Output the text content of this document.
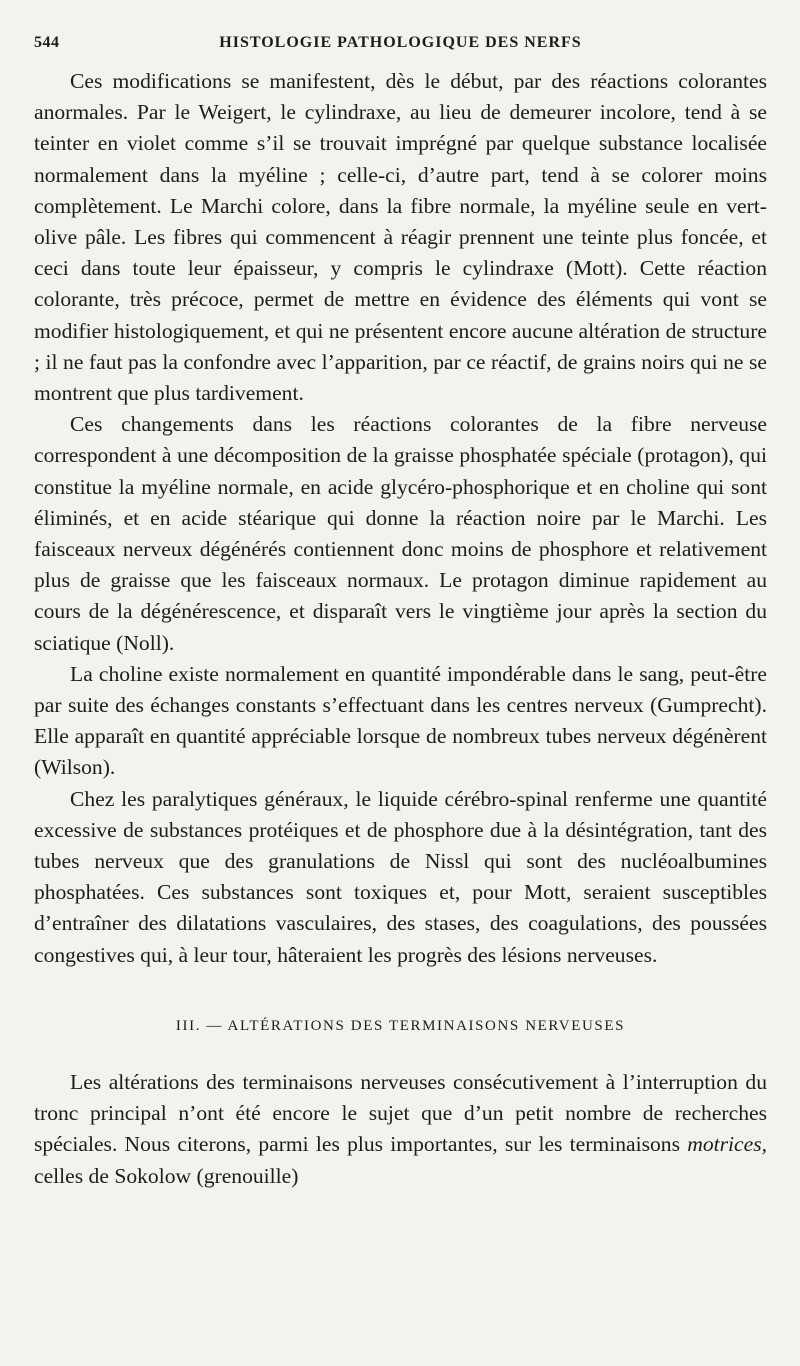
544	HISTOLOGIE PATHOLOGIQUE DES NERFS

Ces modifications se manifestent, dès le début, par des réactions colorantes anormales. Par le Weigert, le cylindraxe, au lieu de demeurer incolore, tend à se teinter en violet comme s’il se trouvait imprégné par quelque substance localisée normalement dans la myéline ; celle-ci, d’autre part, tend à se colorer moins complètement. Le Marchi colore, dans la fibre normale, la myéline seule en vert-olive pâle. Les fibres qui commencent à réagir prennent une teinte plus foncée, et ceci dans toute leur épaisseur, y compris le cylindraxe (Mott). Cette réaction colorante, très précoce, permet de mettre en évidence des éléments qui vont se modifier histologiquement, et qui ne présentent encore aucune altération de structure ; il ne faut pas la confondre avec l’apparition, par ce réactif, de grains noirs qui ne se montrent que plus tardivement.

Ces changements dans les réactions colorantes de la fibre nerveuse correspondent à une décomposition de la graisse phosphatée spéciale (protagon), qui constitue la myéline normale, en acide glycéro-phosphorique et en choline qui sont éliminés, et en acide stéarique qui donne la réaction noire par le Marchi. Les faisceaux nerveux dégénérés contiennent donc moins de phosphore et relativement plus de graisse que les faisceaux normaux. Le protagon diminue rapidement au cours de la dégénérescence, et disparaît vers le vingtième jour après la section du sciatique (Noll).

La choline existe normalement en quantité impondérable dans le sang, peut-être par suite des échanges constants s’effectuant dans les centres nerveux (Gumprecht). Elle apparaît en quantité appréciable lorsque de nombreux tubes nerveux dégénèrent (Wilson).

Chez les paralytiques généraux, le liquide cérébro-spinal renferme une quantité excessive de substances protéiques et de phosphore due à la désintégration, tant des tubes nerveux que des granulations de Nissl qui sont des nucléoalbumines phosphatées. Ces substances sont toxiques et, pour Mott, seraient susceptibles d’entraîner des dilatations vasculaires, des stases, des coagulations, des poussées congestives qui, à leur tour, hâteraient les progrès des lésions nerveuses.

III. — ALTÉRATIONS DES TERMINAISONS NERVEUSES

Les altérations des terminaisons nerveuses consécutivement à l’interruption du tronc principal n’ont été encore le sujet que d’un petit nombre de recherches spéciales. Nous citerons, parmi les plus importantes, sur les terminaisons motrices, celles de Sokolow (grenouille)
